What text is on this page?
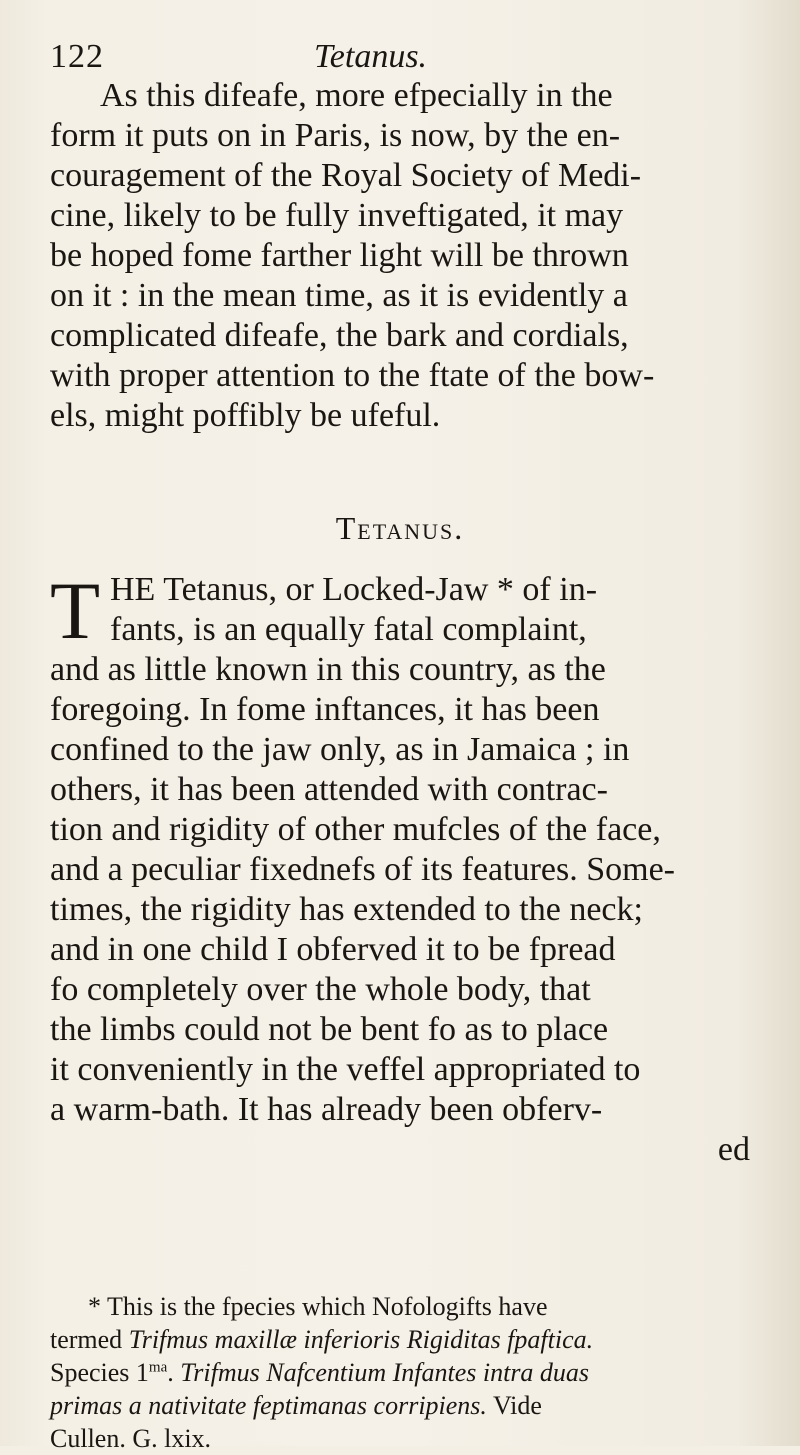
122	Tetanus.
As this difeafe, more efpecially in the
form it puts on in Paris, is now, by the en-
couragement of the Royal Society of Medi-
cine, likely to be fully inveftigated, it may
be hoped fome farther light will be thrown
on it : in the mean time, as it is evidently a
complicated difeafe, the bark and cordials,
with proper attention to the ftate of the bow-
els, might poffibly be ufeful.
Tetanus.
T HE Tetanus, or Locked-Jaw * of in-
fants, is an equally fatal complaint,
and as little known in this country, as the
foregoing. In fome inftances, it has been
confined to the jaw only, as in Jamaica ; in
others, it has been attended with contrac-
tion and rigidity of other mufcles of the face,
and a peculiar fixednefs of its features. Some-
times, the rigidity has extended to the neck;
and in one child I obferved it to be fpread
fo completely over the whole body, that
the limbs could not be bent fo as to place
it conveniently in the veffel appropriated to
a warm-bath. It has already been obferv-
ed
* This is the fpecies which Nofologifts have
termed Trifmus maxillæ inferioris Rigiditas fpaftica.
Species $1^{ma}$. Trifmus Nafcentium Infantes intra duas
primas a nativitate feptimanas corripiens. Vide
Cullen. G. lxix.
